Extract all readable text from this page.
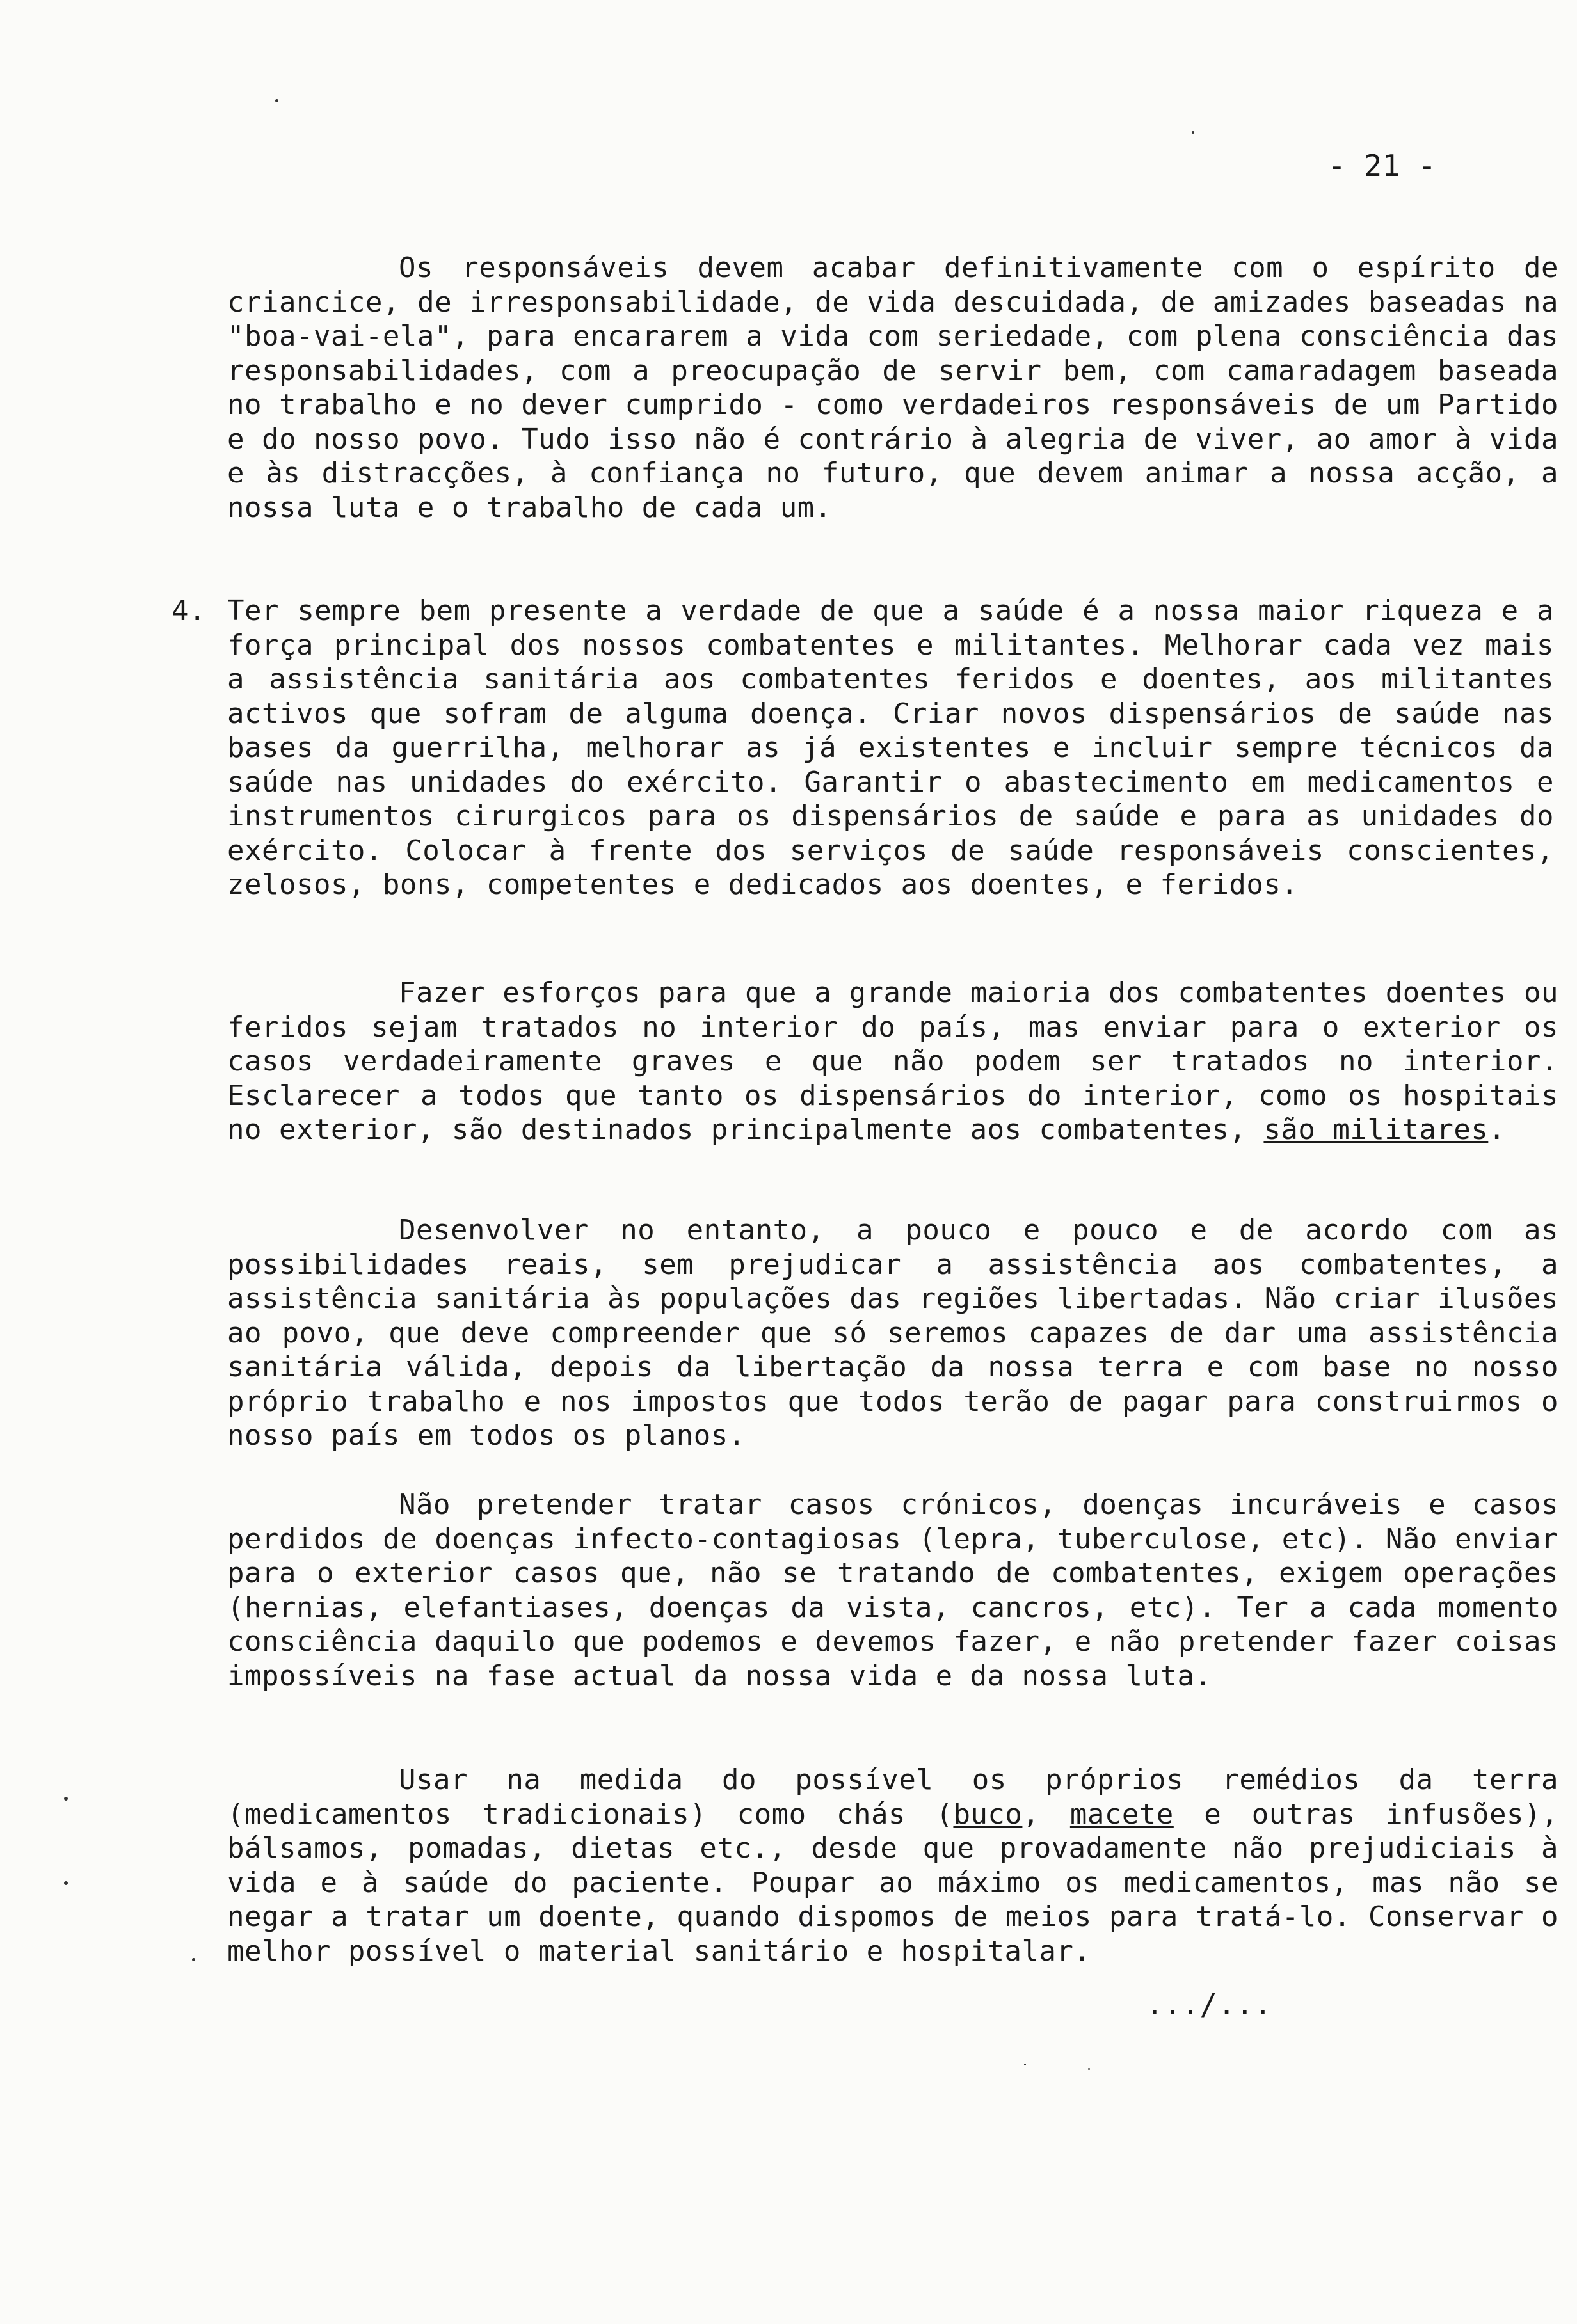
- 21 -

Os responsáveis devem acabar definitivamente com o espírito de criancice, de irresponsabilidade, de vida descuidada, de amizades baseadas na "boa-vai-ela", para encararem a vida com seriedade, com plena consciência das responsabilidades, com a preocupação de servir bem, com camaradagem baseada no trabalho e no dever cumprido - como verdadeiros responsáveis de um Partido e do nosso povo. Tudo isso não é contrário à alegria de viver, ao amor à vida e às distracções, à confiança no futuro, que devem animar a nossa acção, a nossa luta e o trabalho de cada um.

4. Ter sempre bem presente a verdade de que a saúde é a nossa maior riqueza e a força principal dos nossos combatentes e militantes. Melhorar cada vez mais a assistência sanitária aos combatentes feridos e doentes, aos militantes activos que sofram de alguma doença. Criar novos dispensários de saúde nas bases da guerrilha, melhorar as já existentes e incluir sempre técnicos da saúde nas unidades do exército. Garantir o abastecimento em medicamentos e instrumentos cirurgicos para os dispensários de saúde e para as unidades do exército. Colocar à frente dos serviços de saúde responsáveis conscientes, zelosos, bons, competentes e dedicados aos doentes, e feridos.

Fazer esforços para que a grande maioria dos combatentes doentes ou feridos sejam tratados no interior do país, mas enviar para o exterior os casos verdadeiramente graves e que não podem ser tratados no interior. Esclarecer a todos que tanto os dispensários do interior, como os hospitais no exterior, são destinados principalmente aos combatentes, são militares.

Desenvolver no entanto, a pouco e pouco e de acordo com as possibilidades reais, sem prejudicar a assistência aos combatentes, a assistência sanitária às populações das regiões libertadas. Não criar ilusões ao povo, que deve compreender que só seremos capazes de dar uma assistência sanitária válida, depois da libertação da nossa terra e com base no nosso próprio trabalho e nos impostos que todos terão de pagar para construirmos o nosso país em todos os planos.

Não pretender tratar casos crónicos, doenças incuráveis e casos perdidos de doenças infecto-contagiosas (lepra, tuberculose, etc). Não enviar para o exterior casos que, não se tratando de combatentes, exigem operações (hernias, elefantiases, doenças da vista, cancros, etc). Ter a cada momento consciência daquilo que podemos e devemos fazer, e não pretender fazer coisas impossíveis na fase actual da nossa vida e da nossa luta.

Usar na medida do possível os próprios remédios da terra (medicamentos tradicionais) como chás (buco, macete e outras infusões), bálsamos, pomadas, dietas etc., desde que provadamente não prejudiciais à vida e à saúde do paciente. Poupar ao máximo os medicamentos, mas não se negar a tratar um doente, quando dispomos de meios para tratá-lo. Conservar o melhor possível o material sanitário e hospitalar.

.../...
